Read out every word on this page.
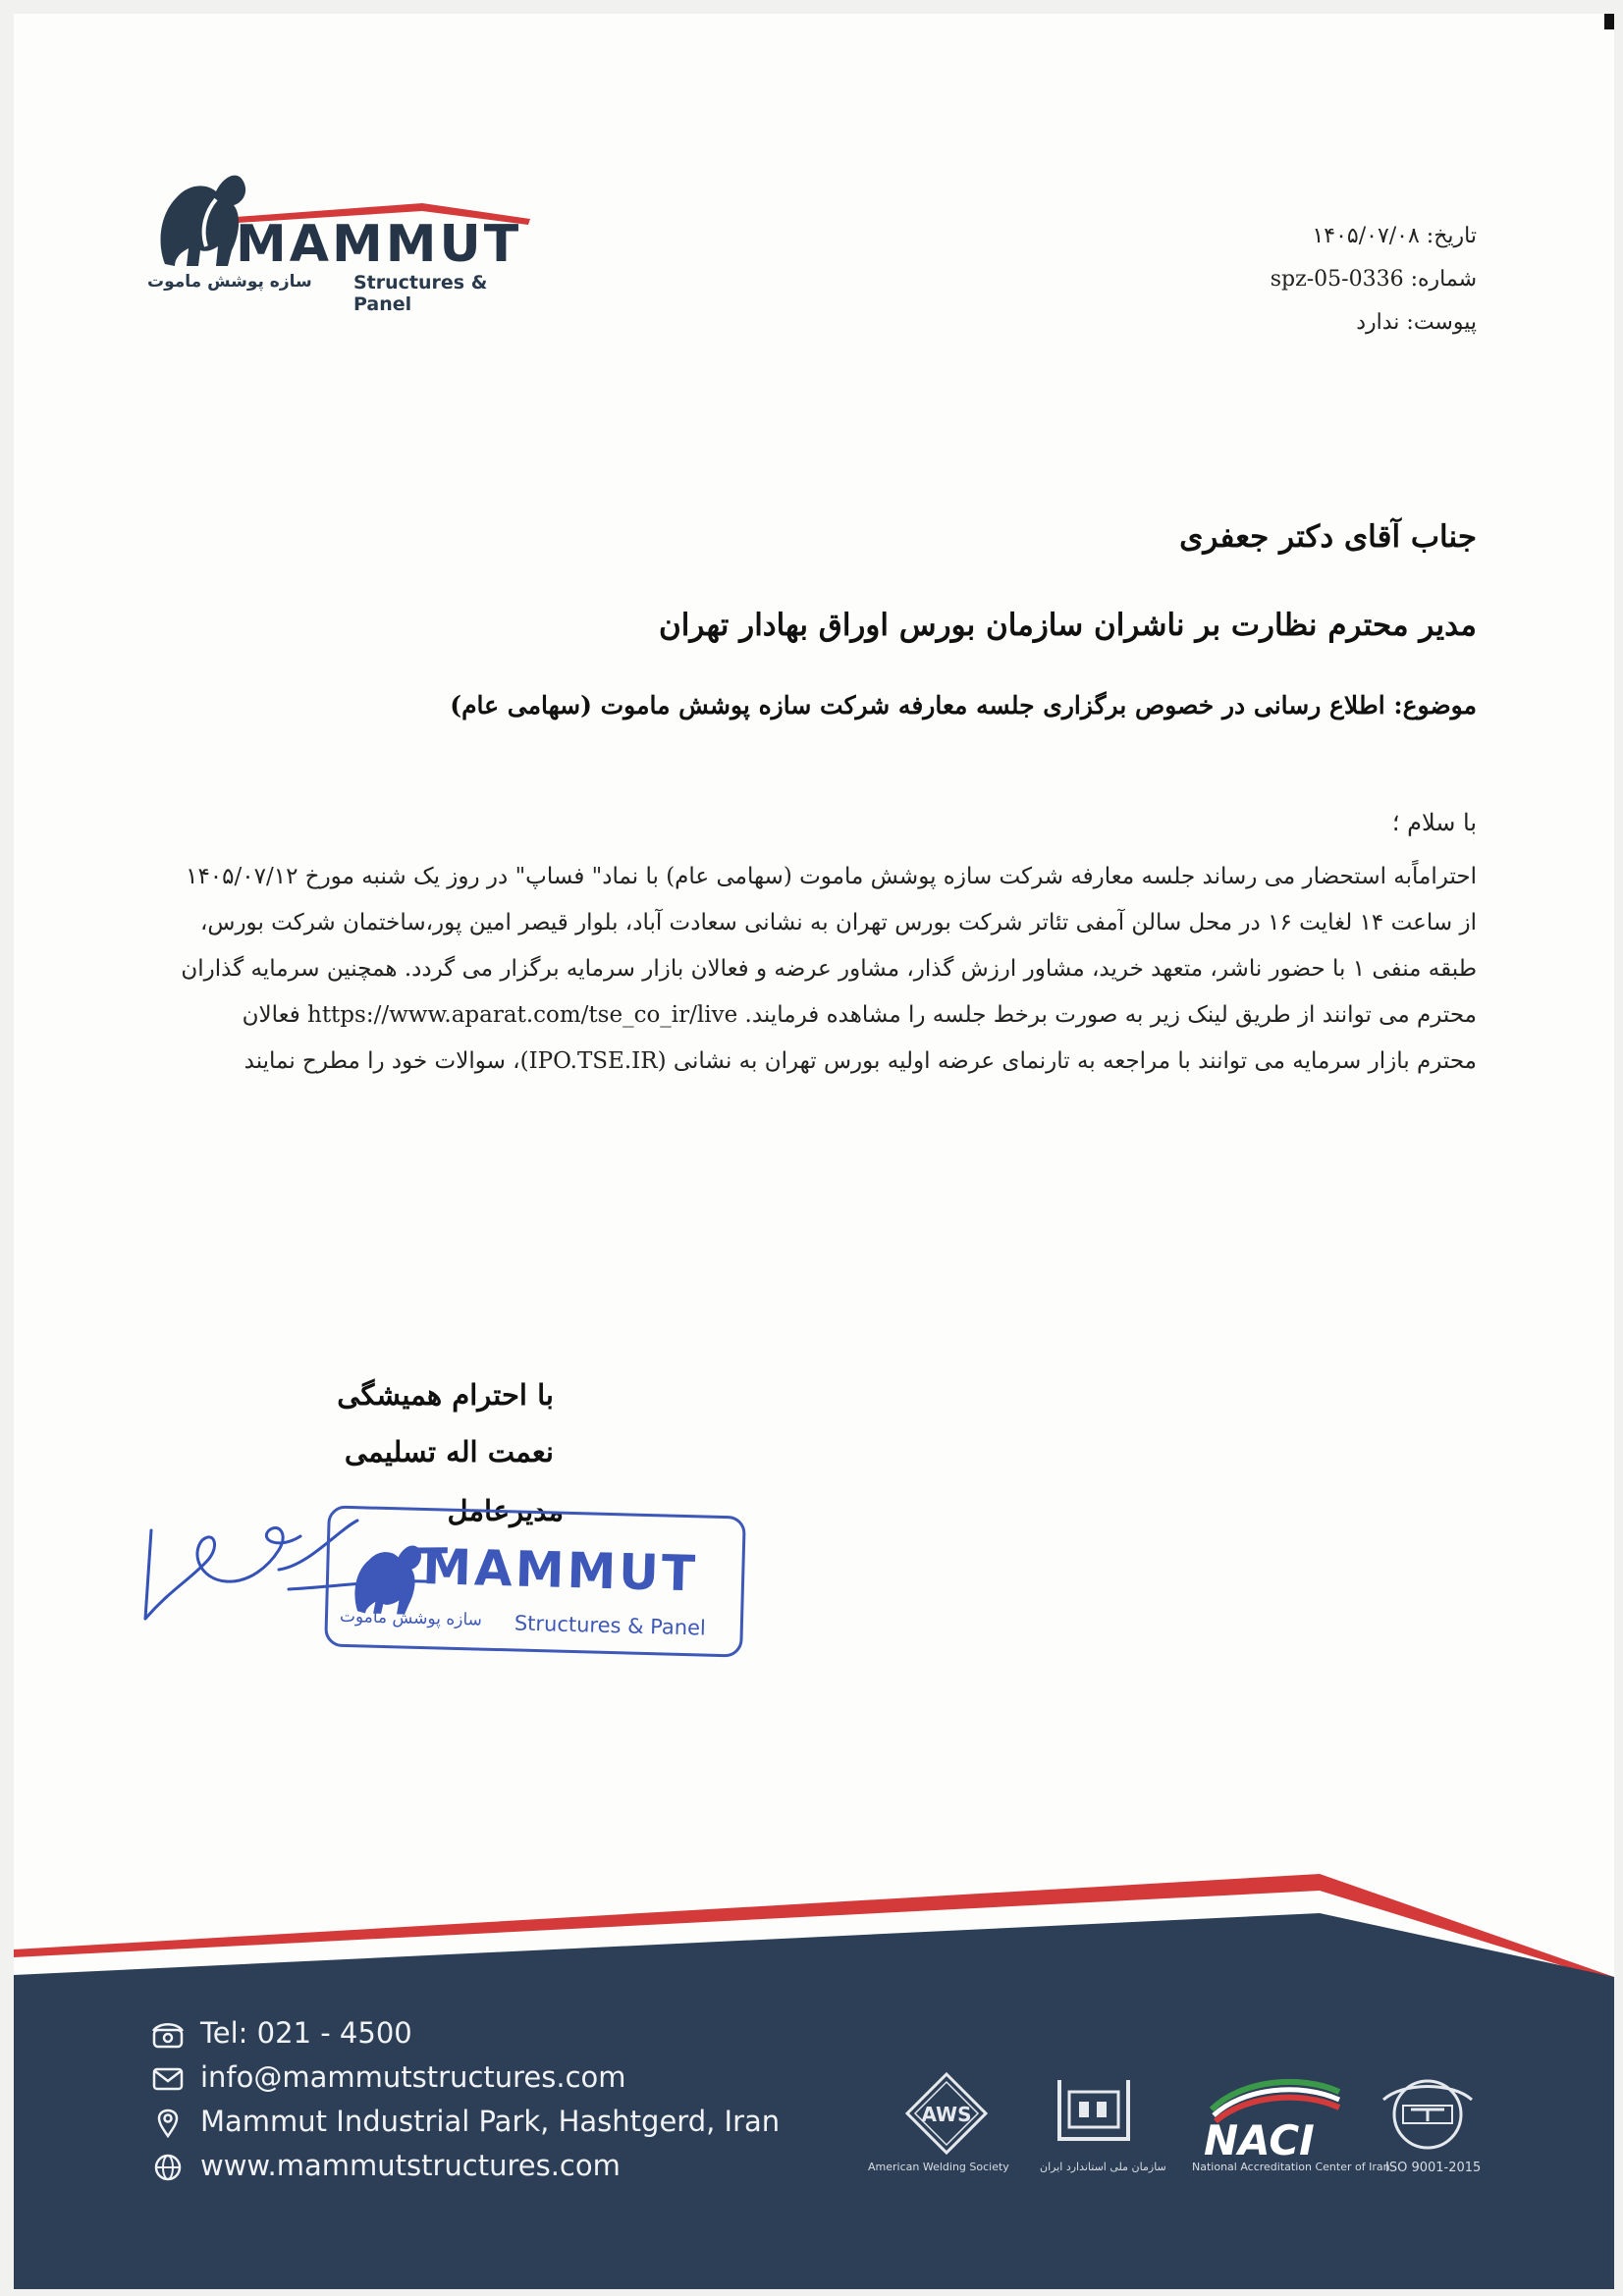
MAMMUT
سازه پوشش ماموت Structures & Panel
تاریخ: ۱۴۰۵/۰۷/۰۸
شماره: spz-05-0336
پیوست: ندارد
جناب آقای دکتر جعفری
مدیر محترم نظارت بر ناشران سازمان بورس اوراق بهادار تهران
موضوع: اطلاع رسانی در خصوص برگزاری جلسه معارفه شرکت سازه پوشش ماموت (سهامی عام)
با سلام ؛

احتراماًبه استحضار می رساند جلسه معارفه شرکت سازه پوشش ماموت (سهامی عام) با نماد" فساپ" در روز یک شنبه مورخ ۱۴۰۵/۰۷/۱۲

از ساعت ۱۴ لغایت ۱۶ در محل سالن آمفی تئاتر شرکت بورس تهران به نشانی سعادت آباد، بلوار قیصر امین پور،ساختمان شرکت بورس،

طبقه منفی ۱ با حضور ناشر، متعهد خرید، مشاور ارزش گذار، مشاور عرضه و فعالان بازار سرمایه برگزار می گردد. همچنین سرمایه گذاران

محترم می توانند از طریق لینک زیر به صورت برخط جلسه را مشاهده فرمایند. https://www.aparat.com/tse_co_ir/live فعالان

محترم بازار سرمایه می توانند با مراجعه به تارنمای عرضه اولیه بورس تهران به نشانی (IPO.TSE.IR)، سوالات خود را مطرح نمایند

با احترام همیشگی
نعمت اله تسلیمی
مدیرعامل
MAMMUT
سازه پوشش ماموت Structures & Panel
Tel: 021 - 4500
info@mammutstructures.com
Mammut Industrial Park, Hashtgerd, Iran
www.mammutstructures.com
AWS
American Welding Society	سازمان ملی استاندارد ایران
NACI
National Accreditation Center of Iran
ISO 9001-2015
